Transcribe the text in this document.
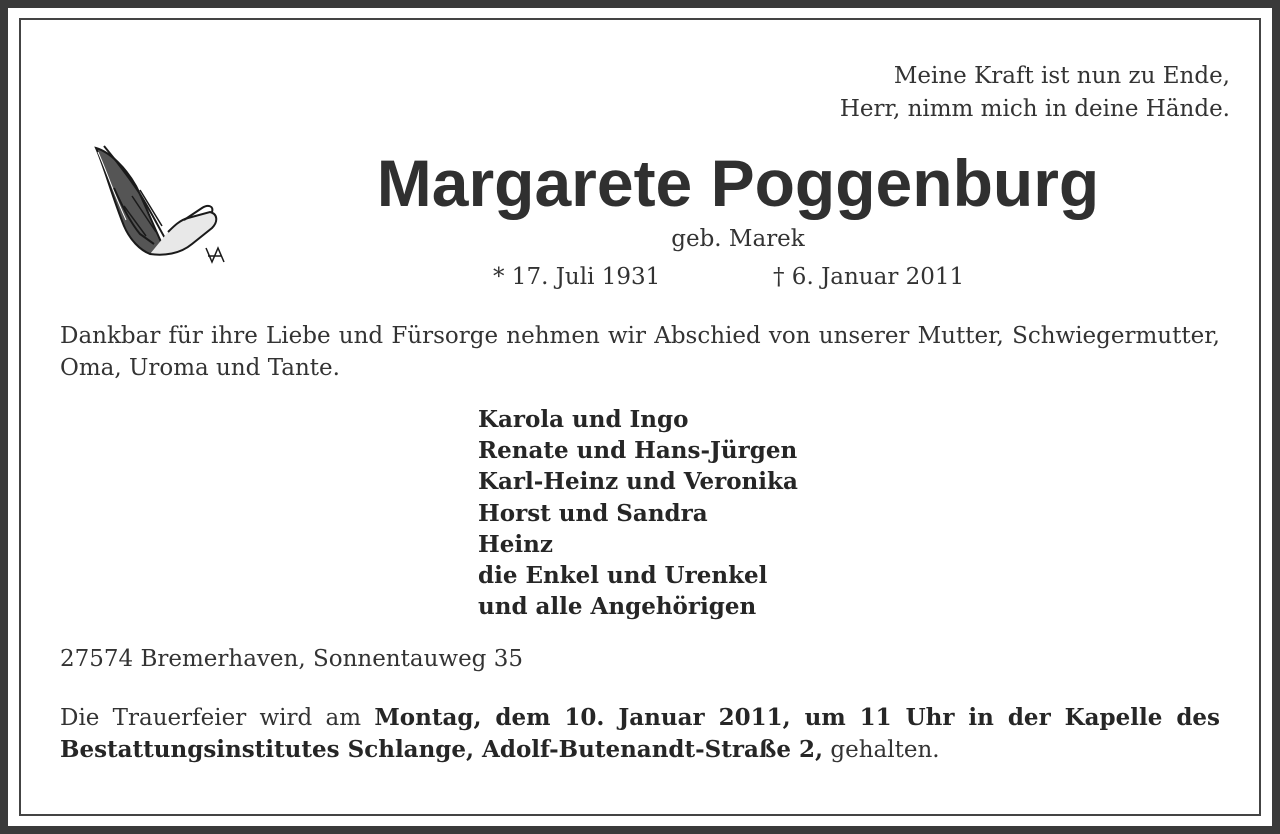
Meine Kraft ist nun zu Ende,
Herr, nimm mich in deine Hände.
Margarete Poggenburg
geb. Marek
* 17. Juli 1931	† 6. Januar 2011
Dankbar für ihre Liebe und Fürsorge nehmen wir Abschied von unserer Mutter, Schwiegermutter, Oma, Uroma und Tante.
Karola und Ingo
Renate und Hans-Jürgen
Karl-Heinz und Veronika
Horst und Sandra
Heinz
die Enkel und Urenkel
und alle Angehörigen
27574 Bremerhaven, Sonnentauweg 35
Die Trauerfeier wird am Montag, dem 10. Januar 2011, um 11 Uhr in der Kapelle des Bestattungsinstitutes Schlange, Adolf-Butenandt-Straße 2, gehalten.
